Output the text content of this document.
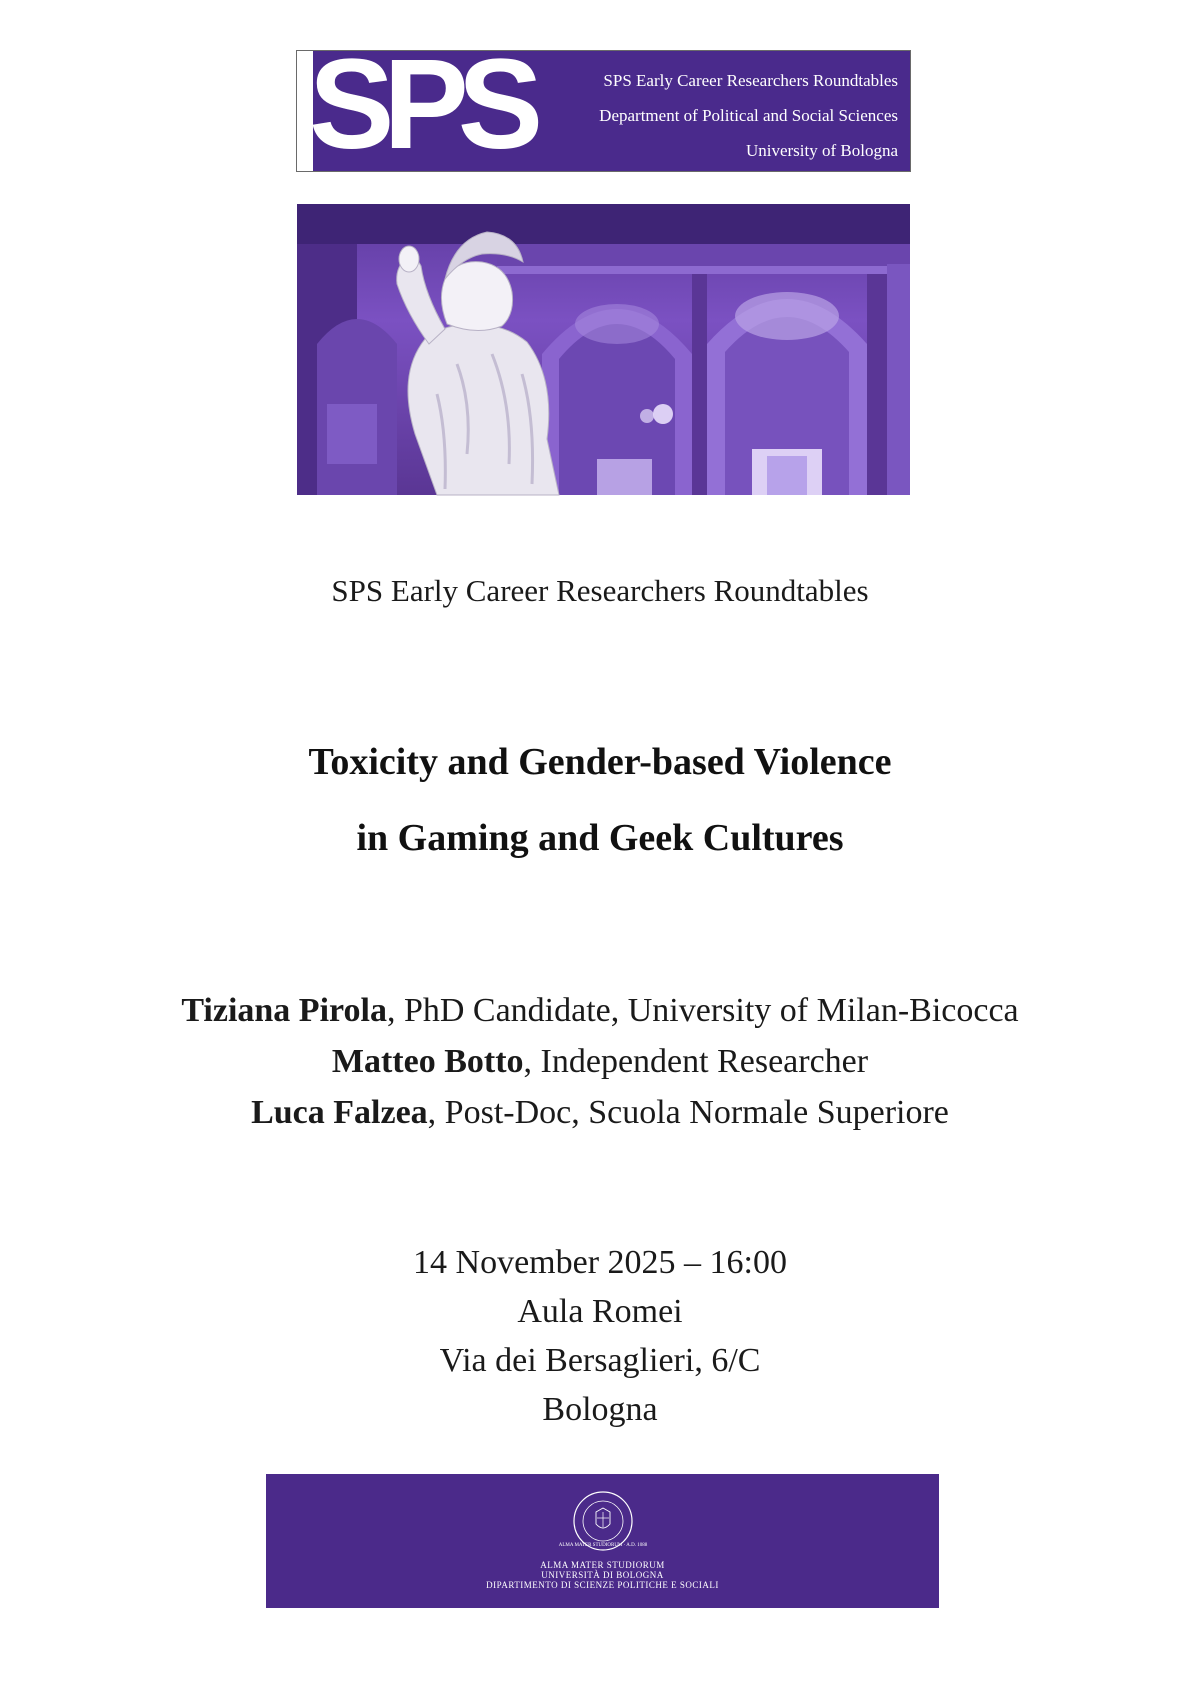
SPS	SPS Early Career Researchers Roundtables
Department of Political and Social Sciences
University of Bologna
SPS Early Career Researchers Roundtables
Toxicity and Gender-based Violence
in Gaming and Geek Cultures
Tiziana Pirola, PhD Candidate, University of Milan-Bicocca
Matteo Botto, Independent Researcher
Luca Falzea, Post-Doc, Scuola Normale Superiore
14 November 2025 – 16:00
Aula Romei
Via dei Bersaglieri, 6/C
Bologna
ALMA MATER STUDIORUM · A.D. 1088
ALMA MATER STUDIORUM
UNIVERSITÀ DI BOLOGNA
DIPARTIMENTO DI SCIENZE POLITICHE E SOCIALI
